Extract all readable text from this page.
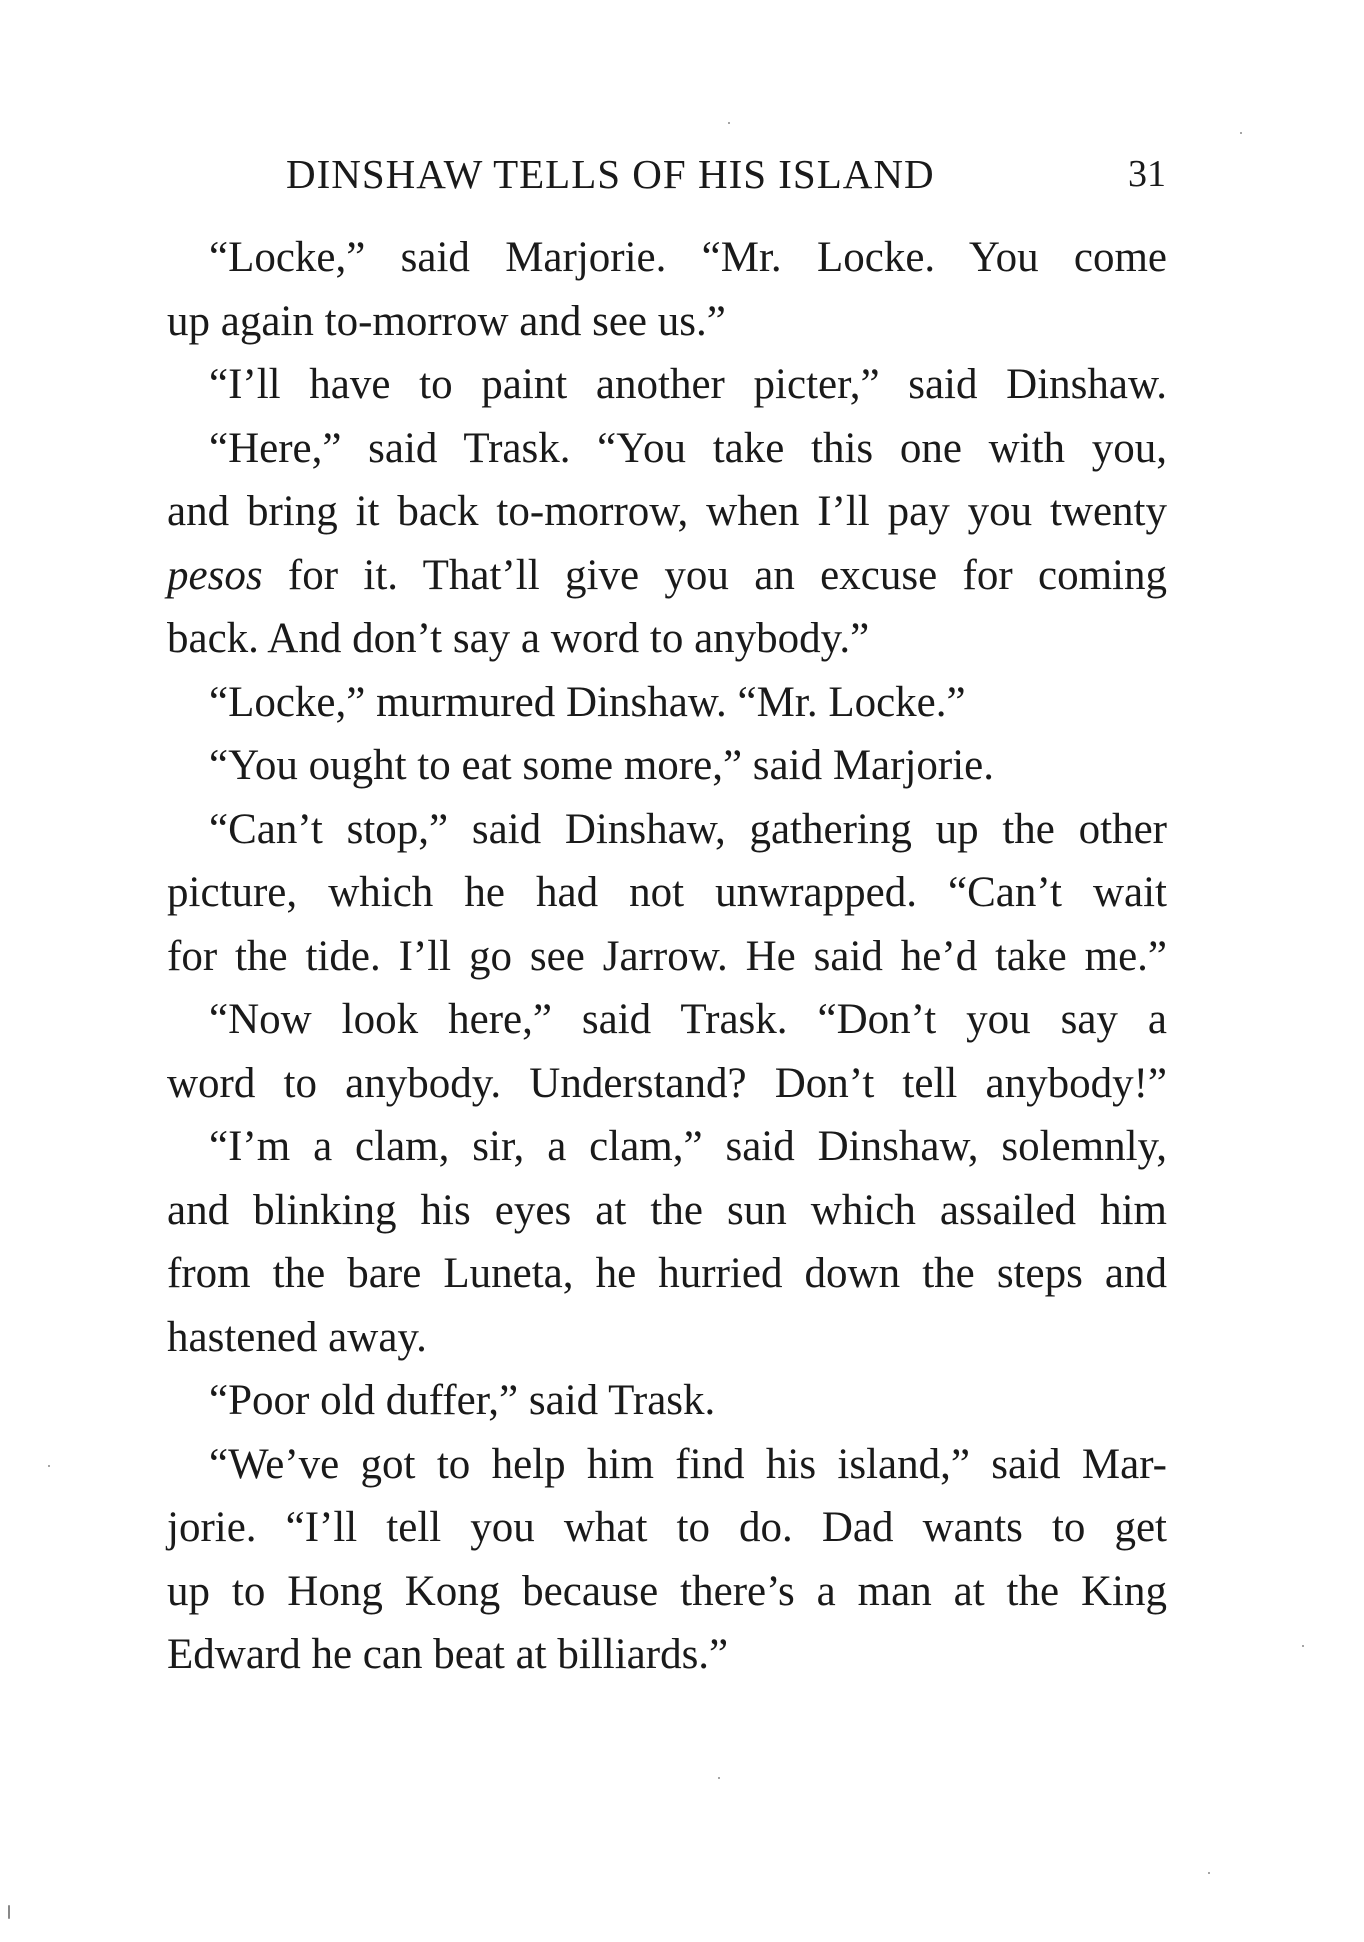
DINSHAW TELLS OF HIS ISLAND	31
“Locke,” said Marjorie. “Mr. Locke. You come
up again to-morrow and see us.”
“I’ll have to paint another picter,” said Dinshaw.
“Here,” said Trask. “You take this one with you,
and bring it back to-morrow, when I’ll pay you twenty
pesos for it. That’ll give you an excuse for coming
back. And don’t say a word to anybody.”
“Locke,” murmured Dinshaw. “Mr. Locke.”
“You ought to eat some more,” said Marjorie.
“Can’t stop,” said Dinshaw, gathering up the other
picture, which he had not unwrapped. “Can’t wait
for the tide. I’ll go see Jarrow. He said he’d take me.”
“Now look here,” said Trask. “Don’t you say a
word to anybody. Understand? Don’t tell anybody!”
“I’m a clam, sir, a clam,” said Dinshaw, solemnly,
and blinking his eyes at the sun which assailed him
from the bare Luneta, he hurried down the steps and
hastened away.
“Poor old duffer,” said Trask.
“We’ve got to help him find his island,” said Mar-
jorie. “I’ll tell you what to do. Dad wants to get
up to Hong Kong because there’s a man at the King
Edward he can beat at billiards.”
